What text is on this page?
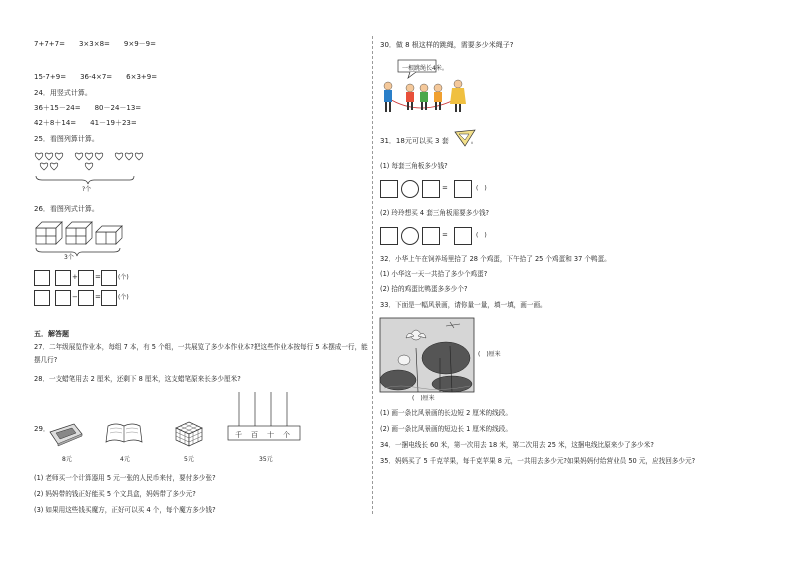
7+7+7=　　3×3×8=　　9×9－9=
15-7+9=　　36-4×7=　　6×3+9=
24．用竖式计算。
36＋15－24=　　80－24－13=
42＋8＋14=　　41－19＋23=
25．看图列算计算。
?个
26．看图列式计算。
3个
+ =	(个)
− =	(个)
五．解答题
27．二年级展览作业本，每组 7 本，有 5 个组，一共展览了多少本作业本?把这些作业本按每行 5 本摆成一行，能
摆几行?
28．一支蜡笔用去 2 厘米，还剩下 8 厘米，这支蜡笔原来长多少厘米?
29．
千 百 十 个
8元	4元	5元	35元
(1) 老师买一个计算器用 5 元一张的人民币来付，要付多少张?
(2) 妈妈带的钱正好能买 5 个文具盒，妈妈带了多少元?
(3) 如果用这些钱买魔方，正好可以买 4 个，每个魔方多少钱?
30．做 8 根这样的跳绳，需要多少米绳子?
一根跳绳长4米。
31．18元可以买 3 套	。
(1) 每套三角板多少钱?
=	(　)
(2) 玲玲想买 4 套三角板需要多少钱?
=	(　)
32．小华上午在饲养场里拾了 28 个鸡蛋，下午拾了 25 个鸡蛋和 37 个鸭蛋。
(1) 小华这一天一共拾了多少个鸡蛋?
(2) 拾的鸡蛋比鸭蛋多多少个?
33．下面是一幅风景画，请你量一量，填一填，画一画。
(　)厘米
(　)厘米
(1) 画一条比风景画的长边短 2 厘米的线段。
(2) 画一条比风景画的短边长 1 厘米的线段。
34．一捆电线长 60 米，第一次用去 18 米，第二次用去 25 米，这捆电线比原来少了多少米?
35．妈妈买了 5 千克苹果，每千克苹果 8 元，一共用去多少元?如果妈妈付给营业员 50 元，应找回多少元?
